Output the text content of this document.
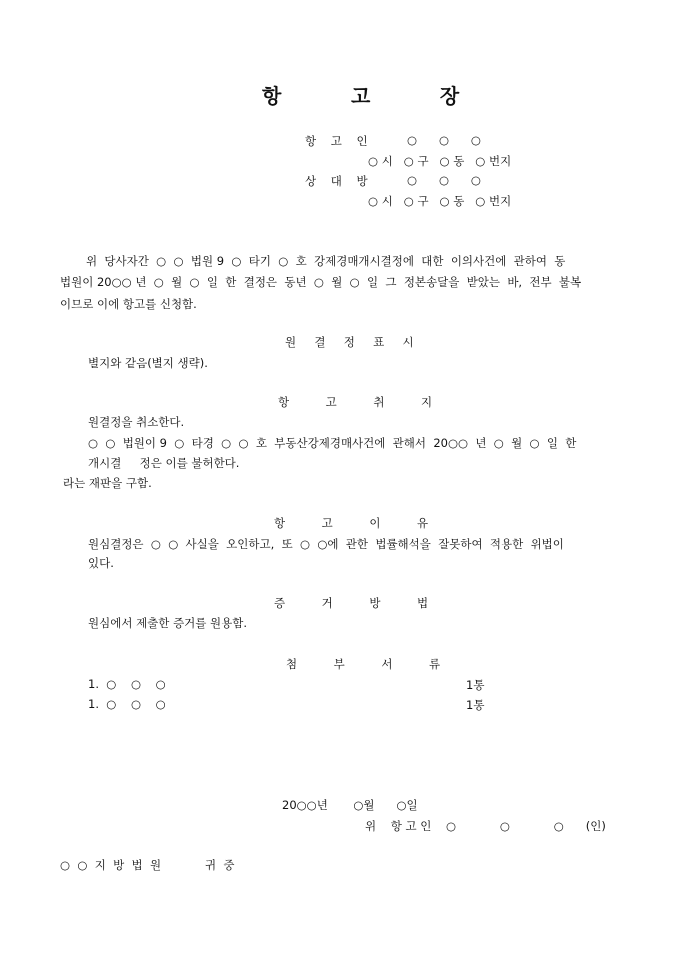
항          고          장
항    고    인	○      ○      ○
○ 시   ○ 구   ○ 동   ○ 번지
상    대    방	○      ○      ○
○ 시   ○ 구   ○ 동   ○ 번지
위  당사자간  ○  ○  법원 9  ○  타기  ○  호  강제경매개시결정에  대한  이의사건에  관하여  동
법원이 20○○ 년  ○  월  ○  일  한  결정은  동년  ○  월  ○  일  그  정본송달을  받았는  바,  전부  불복
이므로 이에 항고를 신청함.
원     결     정     표     시
별지와 같음(별지 생략).
항          고          취          지
원결정을 취소한다.
○  ○  법원이 9  ○  타경  ○  ○  호  부동산강제경매사건에  관해서  20○○  년  ○  월  ○  일  한
개시결     정은 이를 불허한다.
라는 재판을 구함.
항          고          이          유
원심결정은  ○  ○  사실을  오인하고,  또  ○  ○에  관한  법률해석을  잘못하여  적용한  위법이
있다.
증          거          방          법
원심에서 제출한 증거를 원용함.
첨          부          서          류
1.  ○    ○    ○	1통
1.  ○    ○    ○	1통
20○○년       ○월      ○일
위    항 고 인    ○            ○            ○      (인)
○  ○  지  방  법  원	귀  중
